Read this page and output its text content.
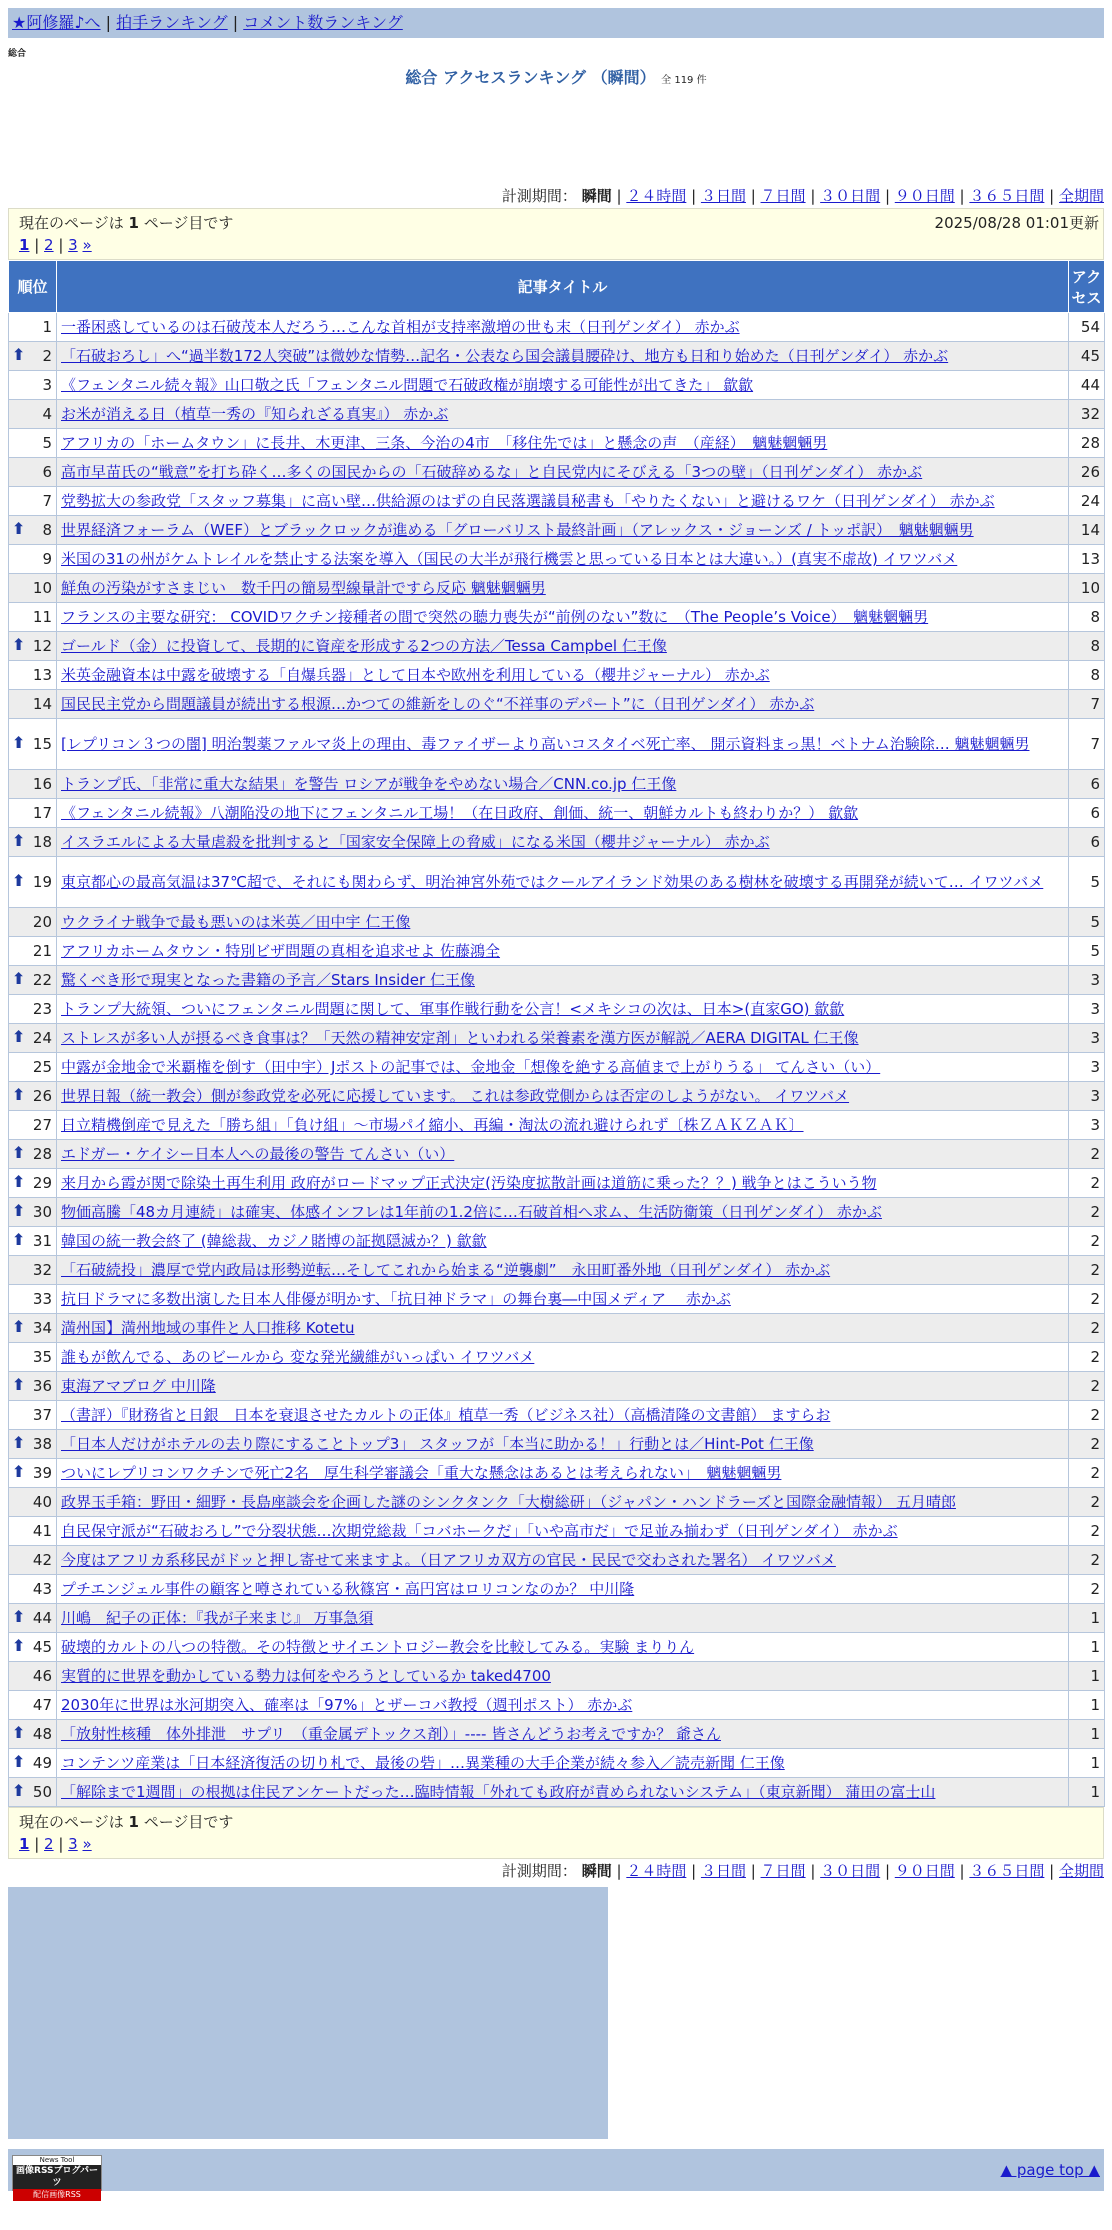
★阿修羅♪へ | 拍手ランキング | コメント数ランキング
総合
総合 アクセスランキング （瞬間） 全 119 件
計測期間： 瞬間 | ２４時間 | ３日間 | ７日間 | ３０日間 | ９０日間 | ３６５日間 | 全期間
現在のページは 1 ページ目です	2025/08/28 01:01更新
1 | 2 | 3 »
順位	記事タイトル	アクセス
1	一番困惑しているのは石破茂本人だろう…こんな首相が支持率激増の世も末（日刊ゲンダイ） 赤かぶ	54

⬆ 2	「石破おろし」へ“過半数172人突破”は微妙な情勢…記名・公表なら国会議員腰砕け、地方も日和り始めた（日刊ゲンダイ） 赤かぶ	45
3	《フェンタニル続々報》山口敬之氏「フェンタニル問題で石破政権が崩壊する可能性が出てきた」 歙歙	44
4	お米が消える日（植草一秀の『知られざる真実』） 赤かぶ	32
5	アフリカの「ホームタウン」に長井、木更津、三条、今治の4市　「移住先では」と懸念の声　（産経）　魑魅魍魎男	28
6	高市早苗氏の“戦意”を打ち砕く…多くの国民からの「石破辞めるな」と自民党内にそびえる「3つの壁」（日刊ゲンダイ） 赤かぶ	26
7	党勢拡大の参政党「スタッフ募集」に高い壁…供給源のはずの自民落選議員秘書も「やりたくない」と避けるワケ（日刊ゲンダイ） 赤かぶ	24

⬆ 8	世界経済フォーラム（WEF）とブラックロックが進める「グローバリスト最終計画」（アレックス・ジョーンズ / トッポ訳）　魑魅魍魎男	14
9	米国の31の州がケムトレイルを禁止する法案を導入（国民の大半が飛行機雲と思っている日本とは大違い。）(真実不虚故) イワツバメ	13
10	鮮魚の汚染がすさまじい　数千円の簡易型線量計ですら反応 魑魅魍魎男	10
11	フランスの主要な研究： COVIDワクチン接種者の間で突然の聴力喪失が“前例のない”数に　（The People’s Voice）　魑魅魍魎男	8

⬆ 12	ゴールド（金）に投資して、長期的に資産を形成する2つの方法／Tessa Campbel 仁王像	8
13	米英金融資本は中露を破壊する「自爆兵器」として日本や欧州を利用している（櫻井ジャーナル） 赤かぶ	8
14	国民民主党から問題議員が続出する根源…かつての維新をしのぐ“不祥事のデパート”に（日刊ゲンダイ） 赤かぶ	7

⬆ 15	[レプリコン３つの闇] 明治製薬ファルマ炎上の理由、毒ファイザーより高いコスタイベ死亡率、 開示資料まっ黒！ベトナム治験除… 魑魅魍魎男	7
16	トランプ氏、「非常に重大な結果」を警告 ロシアが戦争をやめない場合／CNN.co.jp 仁王像	6
17	《フェンタニル続報》八潮陥没の地下にフェンタニル工場！（在日政府、創価、統一、朝鮮カルトも終わりか？） 歙歙	6

⬆ 18	イスラエルによる大量虐殺を批判すると「国家安全保障上の脅威」になる米国（櫻井ジャーナル） 赤かぶ	6

⬆ 19	東京都心の最高気温は37℃超で、それにも関わらず、明治神宮外苑ではクールアイランド効果のある樹林を破壊する再開発が続いて… イワツバメ	5
20	ウクライナ戦争で最も悪いのは米英／田中宇 仁王像	5
21	アフリカホームタウン・特別ビザ問題の真相を追求せよ 佐藤鴻全	5

⬆ 22	驚くべき形で現実となった書籍の予言／Stars Insider 仁王像	3
23	トランプ大統領、ついにフェンタニル問題に関して、軍事作戦行動を公言！<メキシコの次は、日本>(直家GO) 歙歙	3

⬆ 24	ストレスが多い人が摂るべき食事は？「天然の精神安定剤」といわれる栄養素を漢方医が解説／AERA DIGITAL 仁王像	3
25	中露が金地金で米覇権を倒す（田中宇）Jポストの記事では、金地金「想像を絶する高値まで上がりうる」 てんさい（い）	3

⬆ 26	世界日報（統一教会）側が参政党を必死に応援しています。 これは参政党側からは否定のしようがない。 イワツバメ	3
27	日立精機倒産で見えた「勝ち組」「負け組」～市場パイ縮小、再編・淘汰の流れ避けられず〔株ＺＡＫＺＡＫ〕	3

⬆ 28	エドガー・ケイシー日本人への最後の警告 てんさい（い）	2

⬆ 29	来月から霞が関で除染土再生利用 政府がロードマップ正式決定(汚染度拡散計画は道筋に乗った？？) 戦争とはこういう物	2

⬆ 30	物価高騰「48カ月連続」は確実、体感インフレは1年前の1.2倍に…石破首相へ求ム、生活防衛策（日刊ゲンダイ） 赤かぶ	2

⬆ 31	韓国の統一教会終了 (韓総裁、カジノ賭博の証拠隠滅か？) 歙歙	2
32	「石破続投」濃厚で党内政局は形勢逆転…そしてこれから始まる“逆襲劇”　永田町番外地（日刊ゲンダイ） 赤かぶ	2
33	抗日ドラマに多数出演した日本人俳優が明かす、「抗日神ドラマ」の舞台裏―中国メディア　 赤かぶ	2

⬆ 34	満州国】満州地域の事件と人口推移 Kotetu	2
35	誰もが飲んでる、あのビールから 変な発光繊維がいっぱい イワツバメ	2

⬆ 36	東海アマブログ 中川隆	2
37	（書評）『財務省と日銀　日本を衰退させたカルトの正体』植草一秀（ビジネス社）（高橋清隆の文書館） ますらお	2

⬆ 38	「日本人だけがホテルの去り際にすることトップ3」 スタッフが「本当に助かる！」行動とは／Hint-Pot 仁王像	2

⬆ 39	ついにレプリコンワクチンで死亡2名　厚生科学審議会「重大な懸念はあるとは考えられない」　魑魅魍魎男	2
40	政界玉手箱：野田・細野・長島座談会を企画した謎のシンクタンク「大樹総研」（ジャパン・ハンドラーズと国際金融情報） 五月晴郎	2
41	自民保守派が“石破おろし”で分裂状態…次期党総裁「コバホークだ」「いや高市だ」で足並み揃わず（日刊ゲンダイ） 赤かぶ	2
42	今度はアフリカ系移民がドッと押し寄せて来ますよ。（日アフリカ双方の官民・民民で交わされた署名） イワツバメ	2
43	プチエンジェル事件の顧客と噂されている秋篠宮・高円宮はロリコンなのか？ 中川隆	2

⬆ 44	川嶋　紀子の正体：『我が子来まじ』 万事急須	1

⬆ 45	破壊的カルトの八つの特徴。その特徴とサイエントロジー教会を比較してみる。実験 まりりん	1
46	実質的に世界を動かしている勢力は何をやろうとしているか taked4700	1
47	2030年に世界は氷河期突入、確率は「97%」とザーコバ教授（週刊ポスト） 赤かぶ	1

⬆ 48	「放射性核種　体外排泄　サプリ　（重金属デトックス剤）」---- 皆さんどうお考えですか？ 爺さん	1

⬆ 49	コンテンツ産業は「日本経済復活の切り札で、最後の砦」…異業種の大手企業が続々参入／読売新聞 仁王像	1

⬆ 50	「解除まで1週間」の根拠は住民アンケートだった…臨時情報「外れても政府が責められないシステム」（東京新聞） 蒲田の富士山	1
現在のページは 1 ページ目です
1 | 2 | 3 »
計測期間： 瞬間 | ２４時間 | ３日間 | ７日間 | ３０日間 | ９０日間 | ３６５日間 | 全期間
News Tool
画像RSSブログパーツ
配信画像RSS
▲ page top ▲
